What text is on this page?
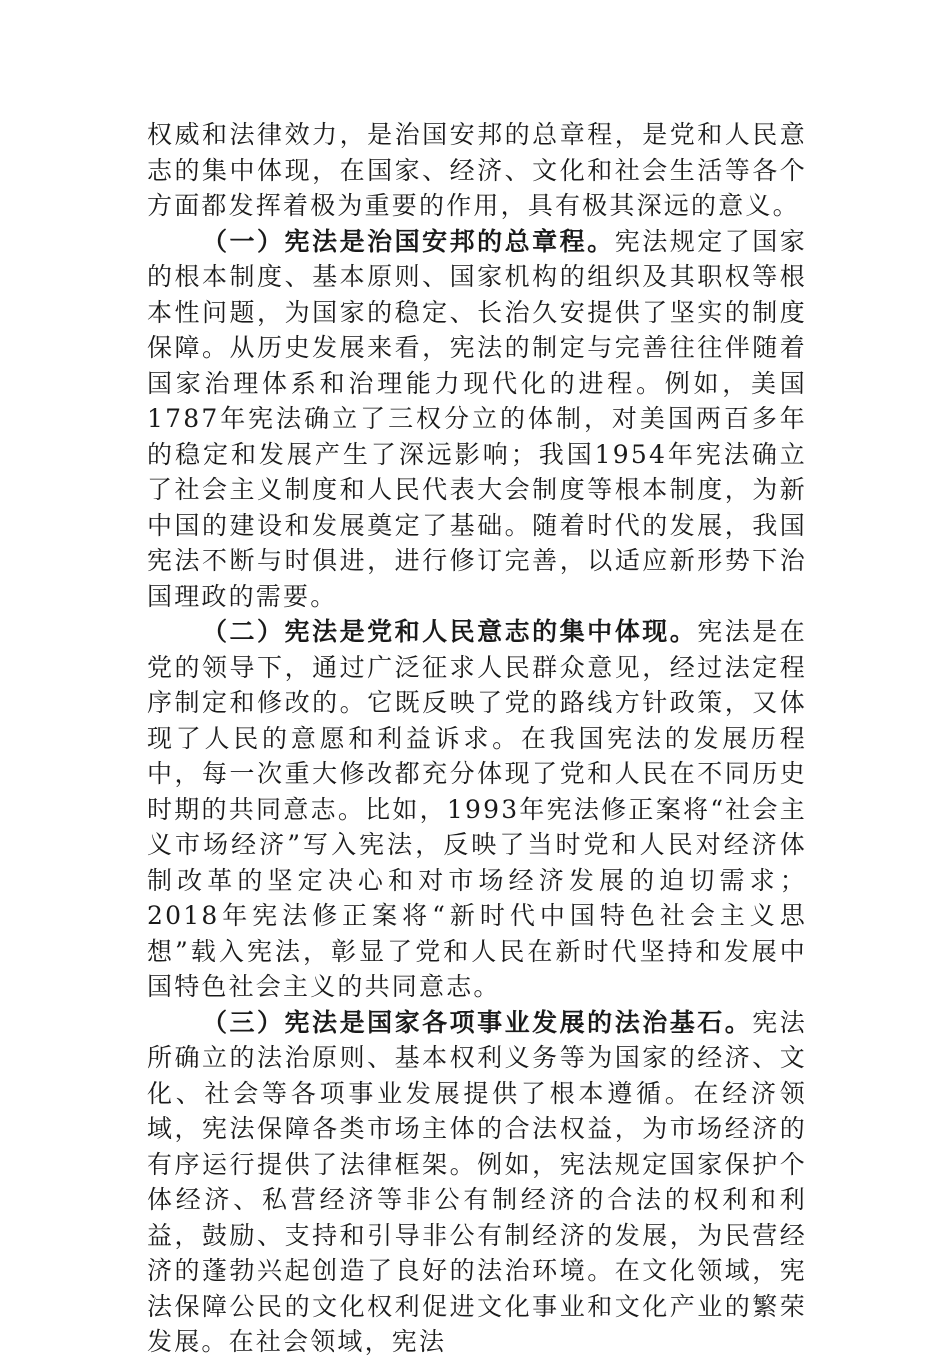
权威和法律效力，是治国安邦的总章程，是党和人民意志的集中体现，在国家、经济、文化和社会生活等各个方面都发挥着极为重要的作用，具有极其深远的意义。

（一）宪法是治国安邦的总章程。宪法规定了国家的根本制度、基本原则、国家机构的组织及其职权等根本性问题，为国家的稳定、长治久安提供了坚实的制度保障。从历史发展来看，宪法的制定与完善往往伴随着国家治理体系和治理能力现代化的进程。例如，美国1787年宪法确立了三权分立的体制，对美国两百多年的稳定和发展产生了深远影响；我国1954年宪法确立了社会主义制度和人民代表大会制度等根本制度，为新中国的建设和发展奠定了基础。随着时代的发展，我国宪法不断与时俱进，进行修订完善，以适应新形势下治国理政的需要。

（二）宪法是党和人民意志的集中体现。宪法是在党的领导下，通过广泛征求人民群众意见，经过法定程序制定和修改的。它既反映了党的路线方针政策，又体现了人民的意愿和利益诉求。在我国宪法的发展历程中，每一次重大修改都充分体现了党和人民在不同历史时期的共同意志。比如，1993年宪法修正案将“社会主义市场经济”写入宪法，反映了当时党和人民对经济体制改革的坚定决心和对市场经济发展的迫切需求；2018年宪法修正案将“新时代中国特色社会主义思想”载入宪法，彰显了党和人民在新时代坚持和发展中国特色社会主义的共同意志。

（三）宪法是国家各项事业发展的法治基石。宪法所确立的法治原则、基本权利义务等为国家的经济、文化、社会等各项事业发展提供了根本遵循。在经济领域，宪法保障各类市场主体的合法权益，为市场经济的有序运行提供了法律框架。例如，宪法规定国家保护个体经济、私营经济等非公有制经济的合法的权利和利益，鼓励、支持和引导非公有制经济的发展，为民营经济的蓬勃兴起创造了良好的法治环境。在文化领域，宪法保障公民的文化权利促进文化事业和文化产业的繁荣发展。在社会领域，宪法
